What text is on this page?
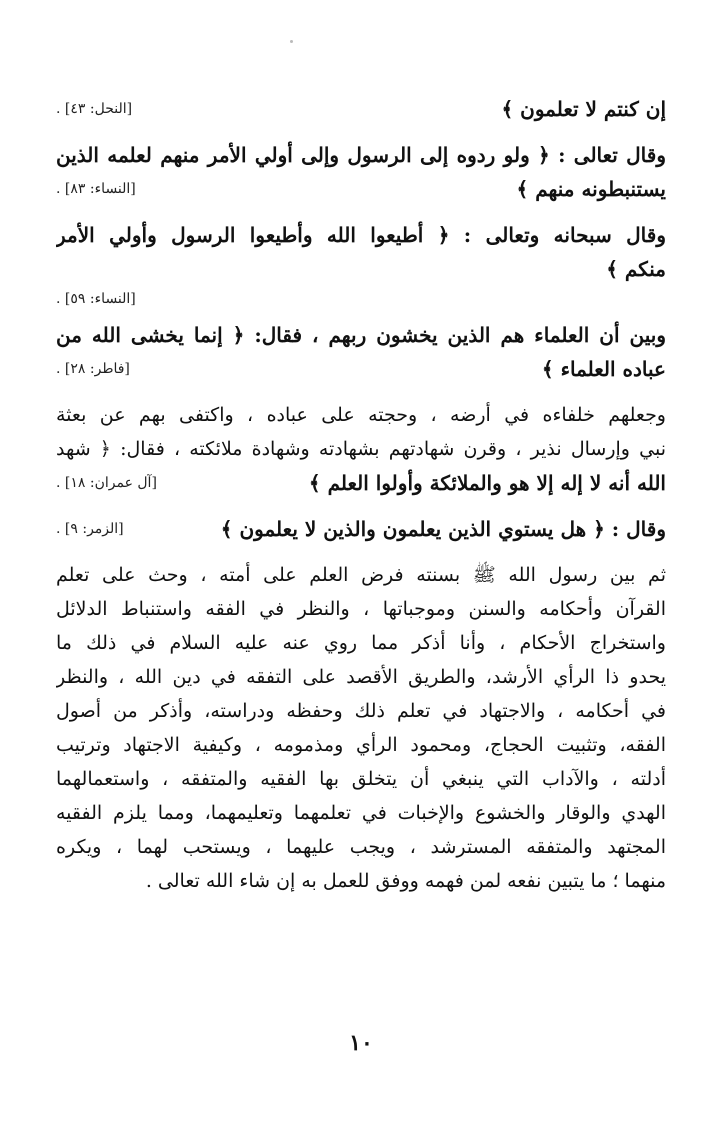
إن كنتم لا تعلمون ﴾
[النحل: ٤٣] .
وقال تعالى : ﴿ ولو ردوه إلى الرسول وإلى أولي الأمر منهم لعلمه الذين
يستنبطونه منهم ﴾
[النساء: ٨٣] .
وقال سبحانه وتعالى : ﴿ أطيعوا الله وأطيعوا الرسول وأولي الأمر
منكم ﴾
[النساء: ٥٩] .
وبين أن العلماء هم الذين يخشون ربهم ، فقال: ﴿ إنما يخشى الله من
عباده العلماء ﴾
[فاطر: ٢٨] .
وجعلهم خلفاءه في أرضه ، وحجته على عباده ، واكتفى بهم عن بعثة
نبي وإرسال نذير ، وقرن شهادتهم بشهادته وشهادة ملائكته ، فقال: ﴿ شهد
الله أنه لا إله إلا هو والملائكة وأولوا العلم ﴾
[آل عمران: ١٨] .
وقال : ﴿ هل يستوي الذين يعلمون والذين لا يعلمون ﴾
[الزمر: ٩] .
ثم بين رسول الله ﷺ بسنته فرض العلم على أمته ، وحث على تعلم
القرآن وأحكامه والسنن وموجباتها ، والنظر في الفقه واستنباط الدلائل
واستخراج الأحكام ، وأنا أذكر مما روي عنه عليه السلام في ذلك ما
يحدو ذا الرأي الأرشد، والطريق الأقصد على التفقه في دين الله ، والنظر
في أحكامه ، والاجتهاد في تعلم ذلك وحفظه ودراسته، وأذكر من أصول
الفقه، وتثبيت الحجاج، ومحمود الرأي ومذمومه ، وكيفية الاجتهاد وترتيب
أدلته ، والآداب التي ينبغي أن يتخلق بها الفقيه والمتفقه ، واستعمالهما
الهدي والوقار والخشوع والإخبات في تعلمهما وتعليمهما، ومما يلزم الفقيه
المجتهد والمتفقه المسترشد ، ويجب عليهما ، ويستحب لهما ، ويكره
منهما ؛ ما يتبين نفعه لمن فهمه ووفق للعمل به إن شاء الله تعالى .
١٠
